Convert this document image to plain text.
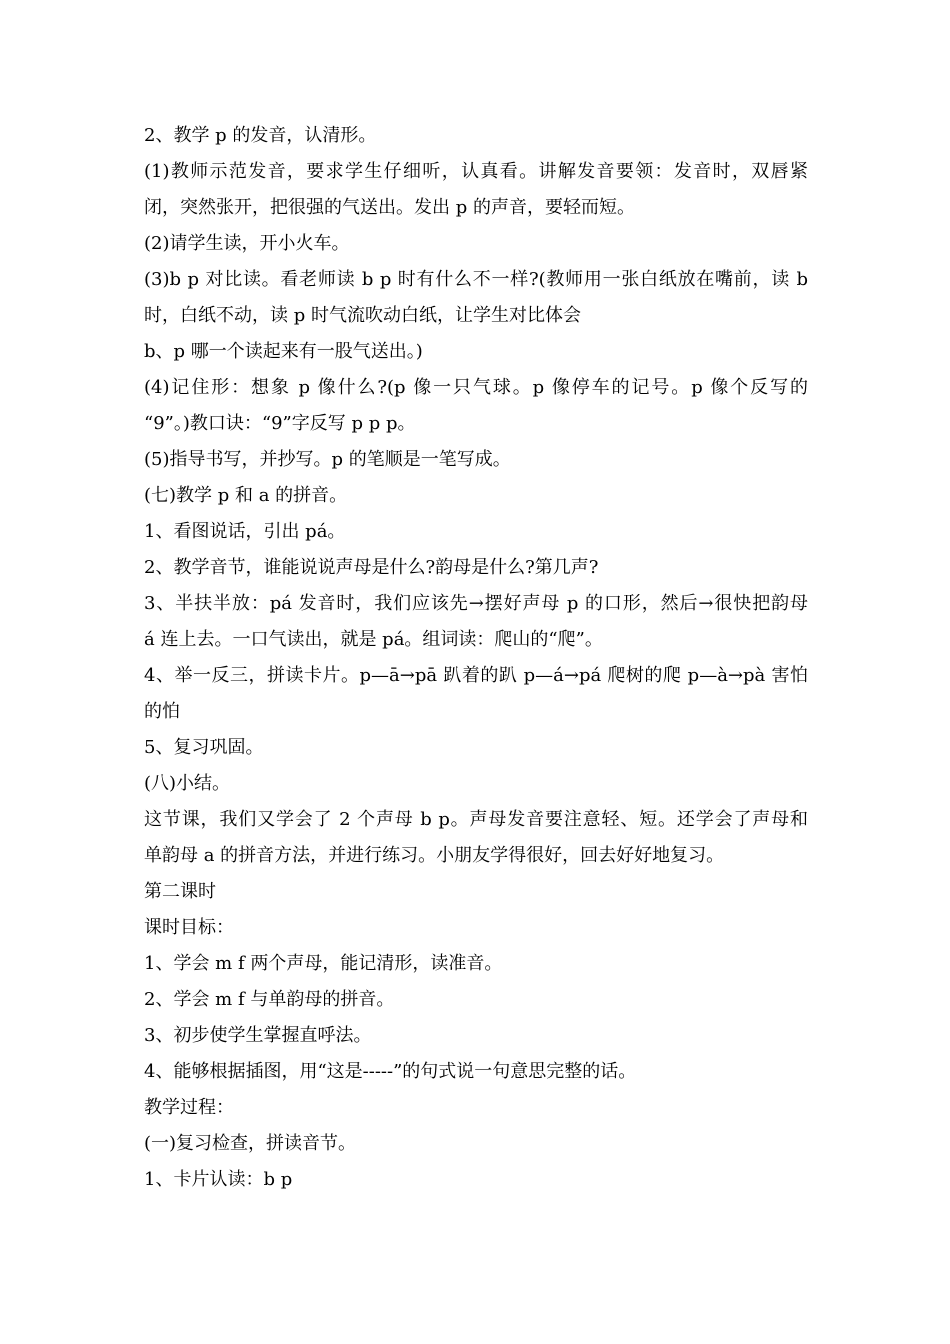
2、教学 p 的发音，认清形。
(1)教师示范发音，要求学生仔细听，认真看。讲解发音要领：发音时，双唇紧
闭，突然张开，把很强的气送出。发出 p 的声音，要轻而短。
(2)请学生读，开小火车。
(3)b p 对比读。看老师读 b p 时有什么不一样?(教师用一张白纸放在嘴前，读 b
时，白纸不动，读 p 时气流吹动白纸，让学生对比体会
b、p 哪一个读起来有一股气送出。)
(4)记住形：想象 p 像什么?(p 像一只气球。p 像停车的记号。p 像个反写的
“9”。)教口诀：“9”字反写 p p p。
(5)指导书写，并抄写。p 的笔顺是一笔写成。
(七)教学 p 和 a 的拼音。
1、看图说话，引出 pá。
2、教学音节，谁能说说声母是什么?韵母是什么?第几声?
3、半扶半放：pá 发音时，我们应该先→摆好声母 p 的口形，然后→很快把韵母
á 连上去。一口气读出，就是 pá。组词读：爬山的“爬”。
4、举一反三，拼读卡片。p—ā→pā 趴着的趴 p—á→pá 爬树的爬 p—à→pà 害怕
的怕
5、复习巩固。
(八)小结。
这节课，我们又学会了 2 个声母 b p。声母发音要注意轻、短。还学会了声母和
单韵母 a 的拼音方法，并进行练习。小朋友学得很好，回去好好地复习。
第二课时
课时目标：
1、学会 m f 两个声母，能记清形，读准音。
2、学会 m f 与单韵母的拼音。
3、初步使学生掌握直呼法。
4、能够根据插图，用“这是-----”的句式说一句意思完整的话。
教学过程：
(一)复习检查，拼读音节。
1、卡片认读：b p
